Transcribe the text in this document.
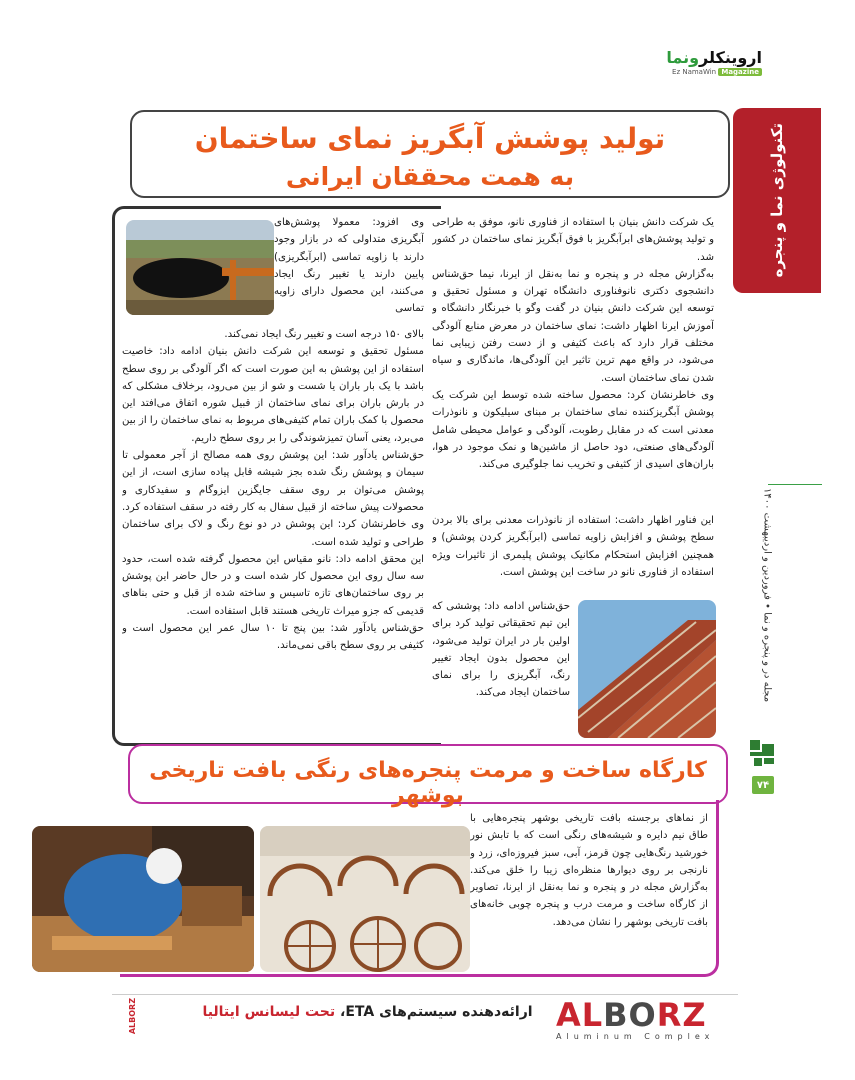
اروینکلرونما
Ez NamaWin Magazine
تکنولوژی نما و پنجره
مجله در و پنجره و نما • فروردین و اردیبهشت ۱۴۰۰
۷۴
تولید پوشش آبگریز نمای ساختمان
به همت محققان ایرانی

یک شرکت دانش بنیان با استفاده از فناوری نانو، موفق به طراحی و تولید پوشش‌های ابرآبگریز با فوق آبگریز نمای ساختمان در کشور شد.

به‌گزارش مجله در و پنجره و نما به‌نقل از ایرنا، نیما حق‌شناس دانشجوی دکتری نانوفناوری دانشگاه تهران و مسئول تحقیق و توسعه این شرکت دانش بنیان در گفت وگو با خبرنگار دانشگاه و آموزش ایرنا اظهار داشت: نمای ساختمان در معرض منابع آلودگی مختلف قرار دارد که باعث کثیفی و از دست رفتن زیبایی نما می‌شود، در واقع مهم ترین تاثیر این آلودگی‌ها، ماندگاری و سیاه شدن نمای ساختمان است.

وی خاطرنشان کرد: محصول ساخته شده توسط این شرکت یک پوشش آبگریزکننده نمای ساختمان بر مبنای سیلیکون و نانوذرات معدنی است که در مقابل رطوبت، آلودگی و عوامل محیطی شامل آلودگی‌های صنعتی، دود حاصل از ماشین‌ها و نمک موجود در هوا، باران‌های اسیدی از کثیفی و تخریب نما جلوگیری می‌کند.

این فناور اظهار داشت: استفاده از نانوذرات معدنی برای بالا بردن سطح پوشش و افزایش زاویه تماسی (ابرآبگریز کردن پوشش) و همچنین افزایش استحکام مکانیک پوشش پلیمری از تاثیرات ویژه استفاده از فناوری نانو در ساخت این پوشش است.

حق‌شناس ادامه داد: پوششی که این تیم تحقیقاتی تولید کرد برای اولین بار در ایران تولید می‌شود، این محصول بدون ایجاد تغییر رنگ، آبگریزی را برای نمای ساختمان ایجاد می‌کند.

وی افزود: معمولا پوشش‌های آبگریزی متداولی که در بازار وجود دارند با زاویه تماسی (ابرآبگریزی) پایین دارند یا تغییر رنگ ایجاد می‌کنند، این محصول دارای زاویه تماسی

بالای ۱۵۰ درجه است و تغییر رنگ ایجاد نمی‌کند.

مسئول تحقیق و توسعه این شرکت دانش بنیان ادامه داد: خاصیت استفاده از این پوشش به این صورت است که اگر آلودگی بر روی سطح باشد با یک بار باران یا شست و شو از بین می‌رود، برخلاف مشکلی که در بارش باران برای نمای ساختمان از قبیل شوره اتفاق می‌افتد این محصول با کمک باران تمام کثیفی‌های مربوط به نمای ساختمان را از بین می‌برد، یعنی آسان تمیزشوندگی را بر روی سطح داریم.

حق‌شناس یادآور شد: این پوشش روی همه مصالح از آجر معمولی تا سیمان و پوشش رنگ شده بجز شیشه قابل پیاده سازی است، از این پوشش می‌توان بر روی سقف جایگزین ایزوگام و سفیدکاری و محصولات پیش ساخته از قبیل سفال به کار رفته در سقف استفاده کرد. وی خاطرنشان کرد: این پوشش در دو نوع رنگ و لاک برای ساختمان طراحی و تولید شده است.

این محقق ادامه داد: نانو مقیاس این محصول گرفته شده است، حدود سه سال روی این محصول کار شده است و در حال حاضر این پوشش بر روی ساختمان‌های تازه تاسیس و ساخته شده از قبل و حتی بناهای قدیمی که جزو میراث تاریخی هستند قابل استفاده است.

حق‌شناس یادآور شد: بین پنج تا ۱۰ سال عمر این محصول است و کثیفی بر روی سطح باقی نمی‌ماند.

کارگاه ساخت و مرمت پنجره‌های رنگی بافت تاریخی بوشهر

از نماهای برجسته بافت تاریخی بوشهر پنجره‌هایی با طاق نیم دایره و شیشه‌های رنگی است که با تابش نور خورشید رنگ‌هایی چون قرمز، آبی، سبز فیروزه‌ای، زرد و نارنجی بر روی دیوارها منظره‌ای زیبا را خلق می‌کند. به‌گزارش مجله در و پنجره و نما به‌نقل از ایرنا، تصاویر از کارگاه ساخت و مرمت درب و پنجره چوبی خانه‌های بافت تاریخی بوشهر را نشان می‌دهد.

ALBORZ	ارائه‌دهنده سیستم‌های ETA، تحت لیسانس ایتالیا	ALBORZ
Aluminum Complex
